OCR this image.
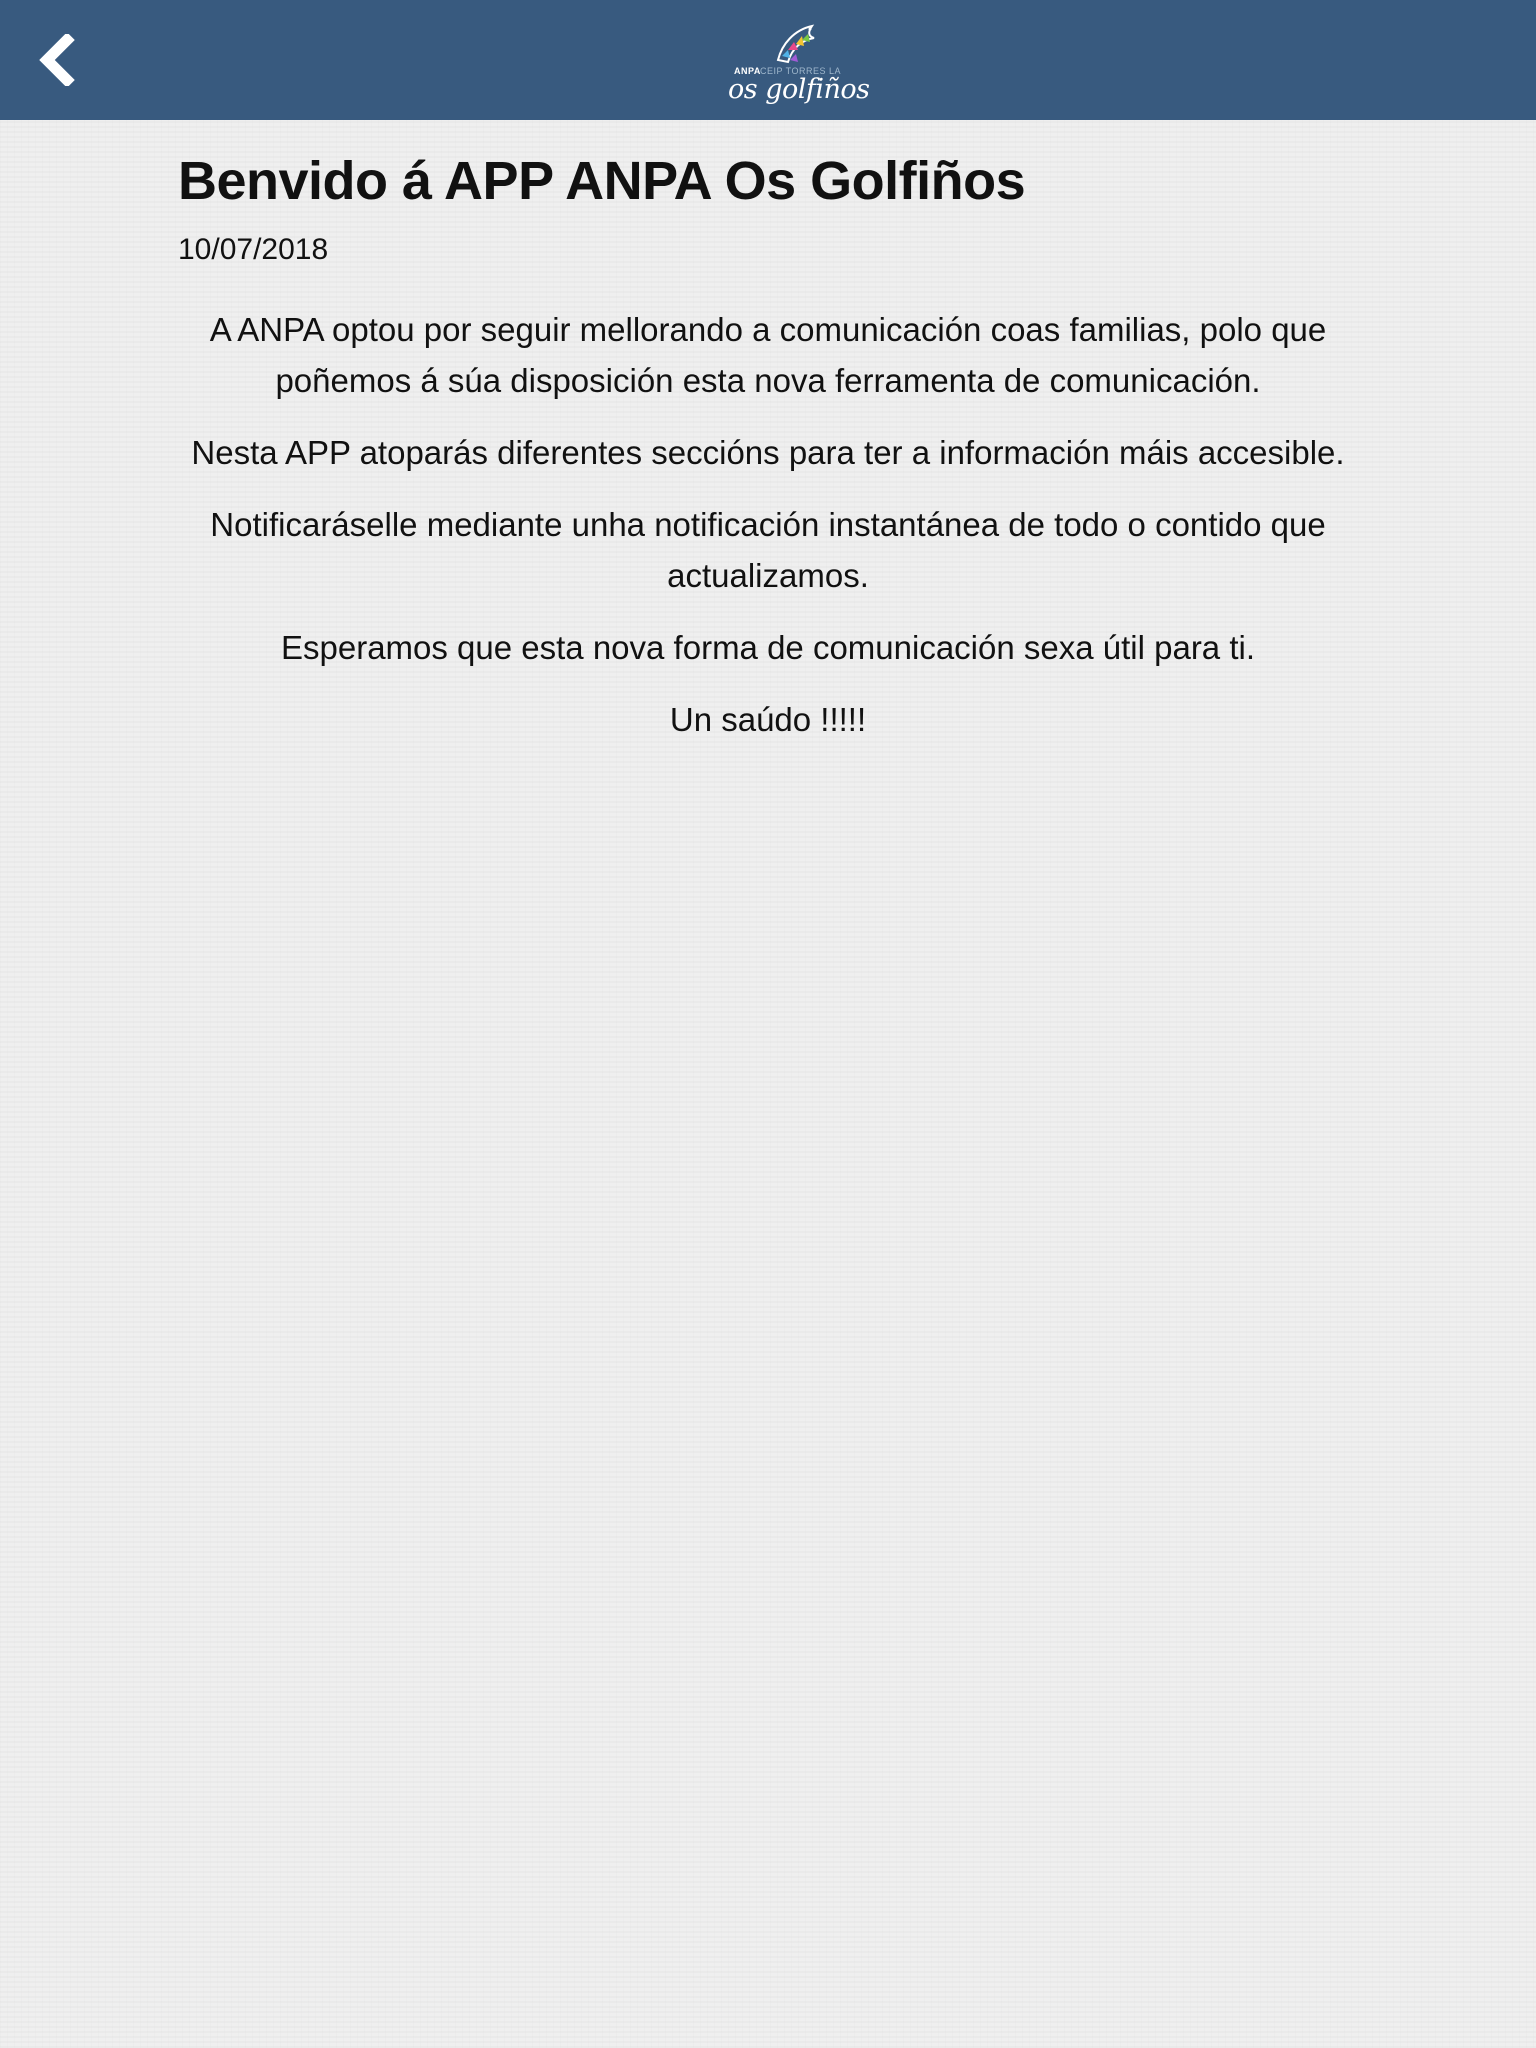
ANPA CEIP TORRES LA
os golfiños
Benvido á APP ANPA Os Golfiños
10/07/2018

A ANPA optou por seguir mellorando a comunicación coas familias, polo que poñemos á súa disposición esta nova ferramenta de comunicación.

Nesta APP atoparás diferentes seccións para ter a información máis accesible.

Notificaráselle mediante unha notificación instantánea de todo o contido que actualizamos.

Esperamos que esta nova forma de comunicación sexa útil para ti.

Un saúdo !!!!!
